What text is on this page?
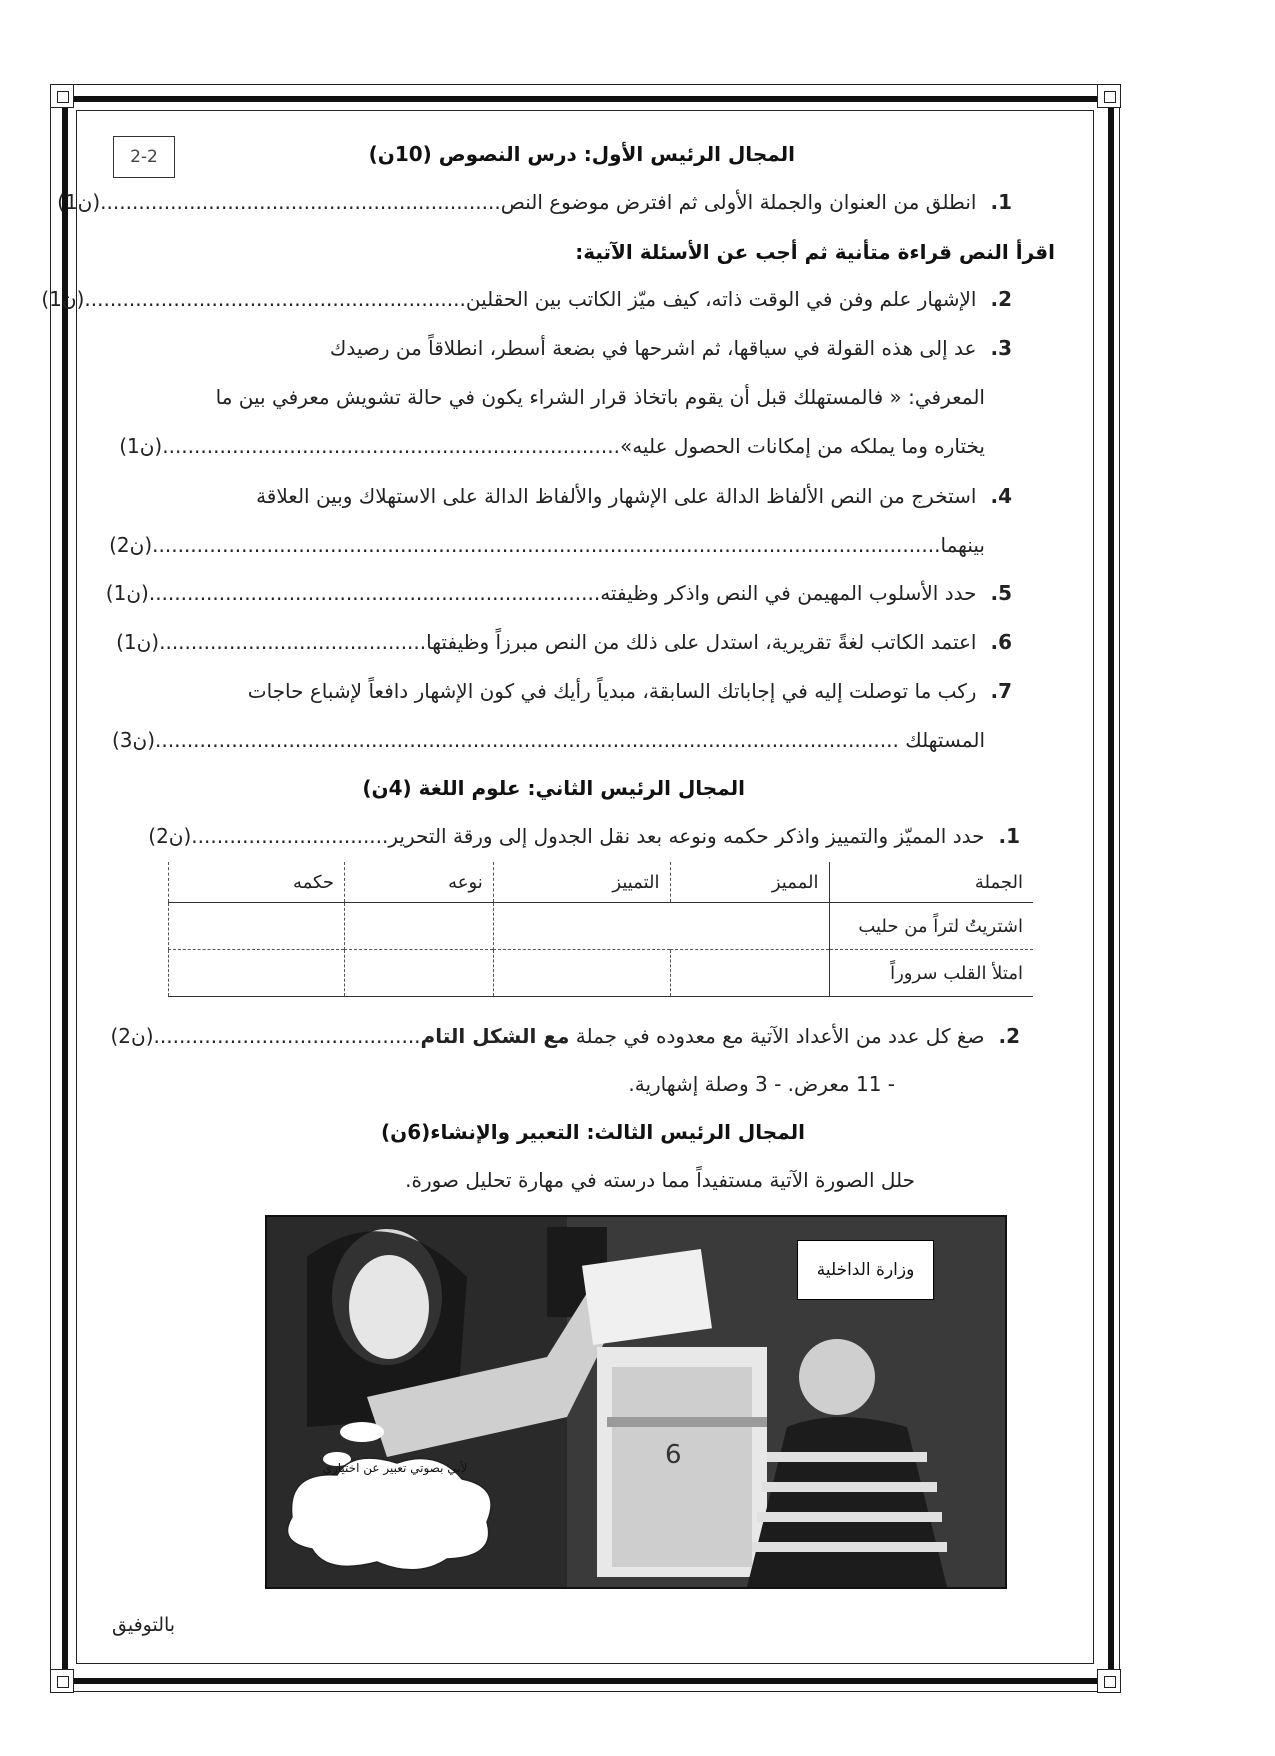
2-2	المجال الرئيس الأول: درس النصوص (10ن)
1.انطلق من العنوان والجملة الأولى ثم افترض موضوع النص..............................................................(1ن).
اقرأ النص قراءة متأنية ثم أجب عن الأسئلة الآتية:
2.الإشهار علم وفن في الوقت ذاته، كيف ميّز الكاتب بين الحقلين...........................................................(1ن).
3.عد إلى هذه القولة في سياقها، ثم اشرحها في بضعة أسطر، انطلاقاً من رصيدك
المعرفي: « فالمستهلك قبل أن يقوم باتخاذ قرار الشراء يكون في حالة تشويش معرفي بين ما
يختاره وما يملكه من إمكانات الحصول عليه».......................................................................(1ن).
4.استخرج من النص الألفاظ الدالة على الإشهار والألفاظ الدالة على الاستهلاك وبين العلاقة
بينهما...........................................................................................................................(2ن).
5.حدد الأسلوب المهيمن في النص واذكر وظيفته......................................................................(1ن).
6.اعتمد الكاتب لغةً تقريرية، استدل على ذلك من النص مبرزاً وظيفتها.........................................(1ن).
7.ركب ما توصلت إليه في إجاباتك السابقة، مبدياً رأيك في كون الإشهار دافعاً لإشباع حاجات
المستهلك ....................................................................................................................(3ن).
المجال الرئيس الثاني: علوم اللغة (4ن)
1.حدد المميّز والتمييز واذكر حكمه ونوعه بعد نقل الجدول إلى ورقة التحرير..............................(2ن).
الجملة	المميز	التمييز	نوعه	حكمه
اشتريتُ لتراً من حليب				
امتلأ القلب سروراً				
2.صغ كل عدد من الأعداد الآتية مع معدوده في جملة مع الشكل التام.........................................(2ن).
- 11 معرض. - 3 وصلة إشهارية.
المجال الرئيس الثالث: التعبير والإنشاء(6ن)
حلل الصورة الآتية مستفيداً مما درسته في مهارة تحليل صورة.
وزارة الداخلية
لأني بصوتي تعبير عن اختياري	6
بالتوفيق
